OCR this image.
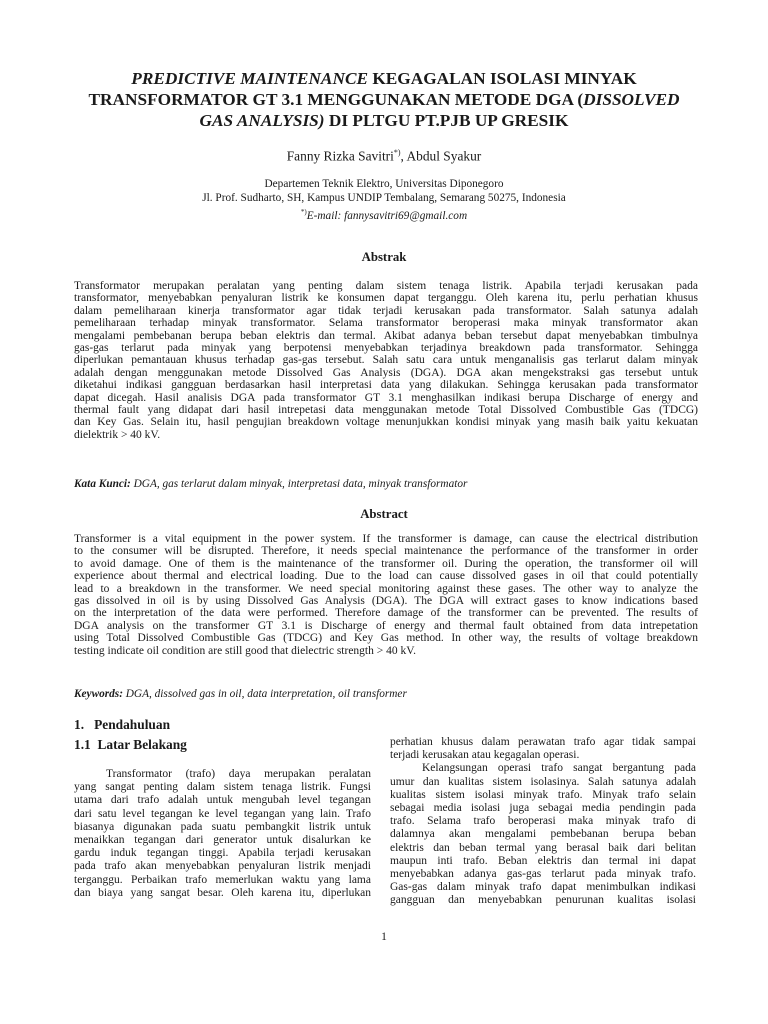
PREDICTIVE MAINTENANCE KEGAGALAN ISOLASI MINYAK
TRANSFORMATOR GT 3.1 MENGGUNAKAN METODE DGA (DISSOLVED
GAS ANALYSIS) DI PLTGU PT.PJB UP GRESIK
Fanny Rizka Savitri*), Abdul Syakur
Departemen Teknik Elektro, Universitas Diponegoro
Jl. Prof. Sudharto, SH, Kampus UNDIP Tembalang, Semarang 50275, Indonesia
*)E-mail: fannysavitri69@gmail.com
Abstrak
Transformator merupakan peralatan yang penting dalam sistem tenaga listrik. Apabila terjadi kerusakan pada
transformator, menyebabkan penyaluran listrik ke konsumen dapat terganggu. Oleh karena itu, perlu perhatian khusus
dalam pemeliharaan kinerja transformator agar tidak terjadi kerusakan pada transformator. Salah satunya adalah
pemeliharaan terhadap minyak transformator. Selama transformator beroperasi maka minyak transformator akan
mengalami pembebanan berupa beban elektris dan termal. Akibat adanya beban tersebut dapat menyebabkan timbulnya
gas-gas terlarut pada minyak yang berpotensi menyebabkan terjadinya breakdown pada transformator. Sehingga
diperlukan pemantauan khusus terhadap gas-gas tersebut. Salah satu cara untuk menganalisis gas terlarut dalam minyak
adalah dengan menggunakan metode Dissolved Gas Analysis (DGA). DGA akan mengekstraksi gas tersebut untuk
diketahui indikasi gangguan berdasarkan hasil interpretasi data yang dilakukan. Sehingga kerusakan pada transformator
dapat dicegah. Hasil analisis DGA pada transformator GT 3.1 menghasilkan indikasi berupa Discharge of energy and
thermal fault yang didapat dari hasil intrepetasi data menggunakan metode Total Dissolved Combustible Gas (TDCG)
dan Key Gas. Selain itu, hasil pengujian breakdown voltage menunjukkan kondisi minyak yang masih baik yaitu kekuatan
dielektrik > 40 kV.
Kata Kunci: DGA, gas terlarut dalam minyak, interpretasi data, minyak transformator
Abstract
Transformer is a vital equipment in the power system. If the transformer is damage, can cause the electrical distribution
to the consumer will be disrupted. Therefore, it needs special maintenance the performance of the transformer in order
to avoid damage. One of them is the maintenance of the transformer oil. During the operation, the transformer oil will
experience about thermal and electrical loading. Due to the load can cause dissolved gases in oil that could potentially
lead to a breakdown in the transformer. We need special monitoring against these gases. The other way to analyze the
gas dissolved in oil is by using Dissolved Gas Analysis (DGA). The DGA will extract gases to know indications based
on the interpretation of the data were performed. Therefore damage of the transformer can be prevented. The results of
DGA analysis on the transformer GT 3.1 is Discharge of energy and thermal fault obtained from data intrepetation
using Total Dissolved Combustible Gas (TDCG) and Key Gas method. In other way, the results of voltage breakdown
testing indicate oil condition are still good that dielectric strength > 40 kV.
Keywords: DGA, dissolved gas in oil, data interpretation, oil transformer
1. Pendahuluan
1.1 Latar Belakang
Transformator (trafo) daya merupakan peralatan
yang sangat penting dalam sistem tenaga listrik. Fungsi
utama dari trafo adalah untuk mengubah level tegangan
dari satu level tegangan ke level tegangan yang lain. Trafo
biasanya digunakan pada suatu pembangkit listrik untuk
menaikkan tegangan dari generator untuk disalurkan ke
gardu induk tegangan tinggi. Apabila terjadi kerusakan
pada trafo akan menyebabkan penyaluran listrik menjadi
terganggu. Perbaikan trafo memerlukan waktu yang lama
dan biaya yang sangat besar. Oleh karena itu, diperlukan
perhatian khusus dalam perawatan trafo agar tidak sampai
terjadi kerusakan atau kegagalan operasi.
Kelangsungan operasi trafo sangat bergantung pada
umur dan kualitas sistem isolasinya. Salah satunya adalah
kualitas sistem isolasi minyak trafo. Minyak trafo selain
sebagai media isolasi juga sebagai media pendingin pada
trafo. Selama trafo beroperasi maka minyak trafo di
dalamnya akan mengalami pembebanan berupa beban
elektris dan beban termal yang berasal baik dari belitan
maupun inti trafo. Beban elektris dan termal ini dapat
menyebabkan adanya gas-gas terlarut pada minyak trafo.
Gas-gas dalam minyak trafo dapat menimbulkan indikasi
gangguan dan menyebabkan penurunan kualitas isolasi
1
